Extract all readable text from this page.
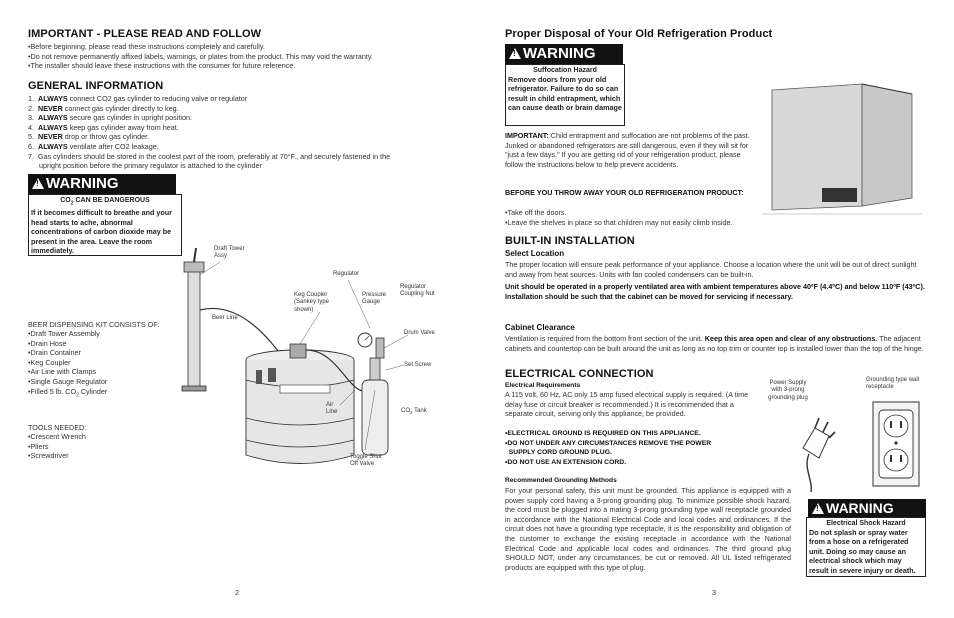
IMPORTANT - PLEASE READ AND FOLLOW
•Before beginning, please read these instructions completely and carefully.
•Do not remove permanently affixed labels, warnings, or plates from the product. This may void the warranty.
•The installer should leave these instructions with the consumer for future reference.
GENERAL INFORMATION
1. ALWAYS connect CO2 gas cylinder to reducing valve or regulator
2. NEVER connect gas cylinder directly to keg.
3. ALWAYS secure gas cylinder in upright position.
4. ALWAYS keep gas cylinder away from heat.
5. NEVER drop or throw gas cylinder.
6. ALWAYS ventilate after CO2 leakage.
7. Gas cylinders should be stored in the coolest part of the room, preferably at 70°F., and securely fastened in the
upright position before the primary regulator is attached to the cylinder
!WARNING
$CO_2$ CAN BE DANGEROUS
If it becomes difficult to breathe and your head starts to ache, abnormal concentrations of carbon dioxide may be present in the area. Leave the room immediately.
BEER DISPENSING KIT CONSISTS OF:
•Draft Tower Assembly
•Drain Hose
•Drain Container
•Keg Coupler
•Air Line with Clamps
•Single Gauge Regulator
•Filled 5 lb. $CO_2$ Cylinder
TOOLS NEEDED:
•Crescent Wrench
•Pliers
•Screwdriver
Draft Tower
Assy
Beer Line
Regulator
Keg Coupler
(Sankey type
shown)
Pressure
Gauge
Regulator
Coupling Nut
Drum Valve
Set Screw
Air
Line	$CO_2$ Tank
Toggle Shut
Off Valve
2
Proper Disposal of Your Old Refrigeration Product
!WARNING
Suffocation Hazard
Remove doors from your old refrigerator. Failure to do so can result in child entrapment, which can cause death or brain damage
IMPORTANT: Child entrapment and suffocation are not problems of the past. Junked or abandoned refrigerators are still dangerous, even if they will sit for "just a few days." If you are getting rid of your refrigeration product, please follow the instructions below to help prevent accidents.
BEFORE YOU THROW AWAY YOUR OLD REFRIGERATION PRODUCT:
•Take off the doors.
•Leave the shelves in place so that children may not easily climb inside.
BUILT-IN INSTALLATION
Select Location
The proper location will ensure peak performance of your appliance. Choose a location where the unit will be out of direct sunlight and away from heat sources. Units with fan cooled condensers can be built-in.
Unit should be operated in a properly ventilated area with ambient temperatures above 40ºF (4.4ºC) and below 110ºF (43ºC). Installation should be such that the cabinet can be moved for servicing if necessary.
Cabinet Clearance
Ventilation is required from the bottom front section of the unit. Keep this area open and clear of any obstructions. The adjacent cabinets and countertop can be built around the unit as long as no top trim or counter top is installed lower than the top of the hinge.
ELECTRICAL CONNECTION
Electrical Requirements
A 115 volt, 60 Hz, AC only 15 amp fused electrical supply is required. (A time delay fuse or circuit breaker is recommended.) It is recommended that a separate circuit, serving only this appliance, be provided.
•ELECTRICAL GROUND IS REQUIRED ON THIS APPLIANCE.
•DO NOT UNDER ANY CIRCUMSTANCES REMOVE THE POWER
SUPPLY CORD GROUND PLUG.
•DO NOT USE AN EXTENSION CORD.
Recommended Grounding Methods
For your personal safety, this unit must be grounded. This appliance is equipped with a power supply cord having a 3-prong grounding plug. To minimize possible shock hazard, the cord must be plugged into a mating 3-prong grounding type wall receptacle grounded in accordance with the National Electrical Code and local codes and ordinances. If the circuit does not have a grounding type receptacle, it is the responsibility and obligation of the customer to exchange the existing receptacle in accordance with the National Electrical Code and applicable local codes and ordinances. The third ground plug SHOULD NOT, under any circumstances, be cut or removed. All UL listed refrigerated products are equipped with this type of plug.
Power Supply
with 3-prong
grounding plug
Grounding type wall
receptacle
!WARNING
Electrical Shock Hazard
Do not splash or spray water from a hose on a refrigerated unit. Doing so may cause an electrical shock which may result in severe injury or death.
3
